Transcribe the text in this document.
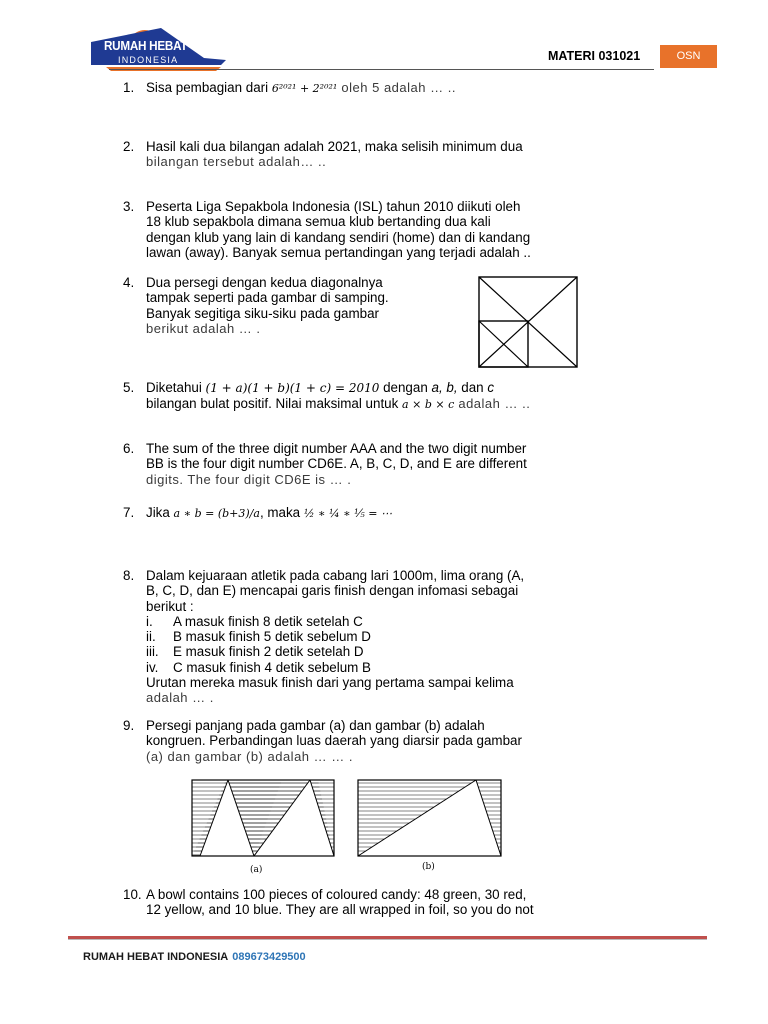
RUMAH HEBAT
INDONESIA	MATERI 031021	OSN
1. Sisa pembagian dari 6²⁰²¹ + 2²⁰²¹ oleh 5 adalah … ..

2. Hasil kali dua bilangan adalah 2021, maka selisih minimum dua

bilangan tersebut adalah… ..

3. Peserta Liga Sepakbola Indonesia (ISL) tahun 2010 diikuti oleh

18 klub sepakbola dimana semua klub bertanding dua kali

dengan klub yang lain di kandang sendiri (home) dan di kandang

lawan (away). Banyak semua pertandingan yang terjadi adalah ..

4. Dua persegi dengan kedua diagonalnya

tampak seperti pada gambar di samping.

Banyak segitiga siku-siku pada gambar

berikut adalah … .

5. Diketahui (1 + a)(1 + b)(1 + c) = 2010 dengan a, b, dan c

bilangan bulat positif. Nilai maksimal untuk a × b × c adalah … ..

6. The sum of the three digit number AAA and the two digit number

BB is the four digit number CD6E. A, B, C, D, and E are different

digits. The four digit CD6E is … .

7. Jika a ∗ b = (b+3)/a, maka ½ ∗ ¼ ∗ ⅕ = ⋯

8. Dalam kejuaraan atletik pada cabang lari 1000m, lima orang (A,

B, C, D, dan E) mencapai garis finish dengan infomasi sebagai

berikut :

i. A masuk finish 8 detik setelah C

ii. B masuk finish 5 detik sebelum D

iii. E masuk finish 2 detik setelah D

iv. C masuk finish 4 detik sebelum B

Urutan mereka masuk finish dari yang pertama sampai kelima

adalah … .

9. Persegi panjang pada gambar (a) dan gambar (b) adalah

kongruen. Perbandingan luas daerah yang diarsir pada gambar

(a) dan gambar (b) adalah … … .

(a)	(b)
10. A bowl contains 100 pieces of coloured candy: 48 green, 30 red,

12 yellow, and 10 blue. They are all wrapped in foil, so you do not

RUMAH HEBAT INDONESIA 089673429500
